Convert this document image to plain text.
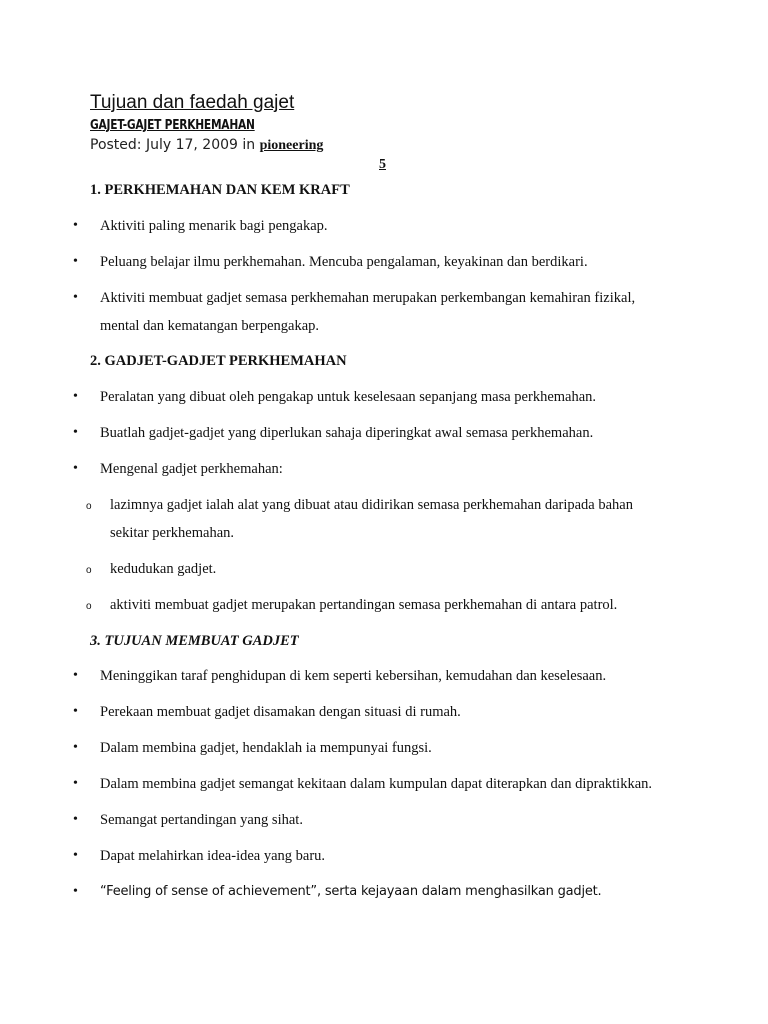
Tujuan dan faedah gajet
GAJET-GAJET PERKHEMAHAN
Posted: July 17, 2009 in pioneering
5
1. PERKHEMAHAN DAN KEM KRAFT
• Aktiviti paling menarik bagi pengakap.
• Peluang belajar ilmu perkhemahan. Mencuba pengalaman, keyakinan dan berdikari.
• Aktiviti membuat gadjet semasa perkhemahan merupakan perkembangan kemahiran fizikal, mental dan kematangan berpengakap.
2. GADJET-GADJET PERKHEMAHAN
• Peralatan yang dibuat oleh pengakap untuk keselesaan sepanjang masa perkhemahan.
• Buatlah gadjet-gadjet yang diperlukan sahaja diperingkat awal semasa perkhemahan.
• Mengenal gadjet perkhemahan:
o lazimnya gadjet ialah alat yang dibuat atau didirikan semasa perkhemahan daripada bahan sekitar perkhemahan.
o kedudukan gadjet.
o aktiviti membuat gadjet merupakan pertandingan semasa perkhemahan di antara patrol.
3. TUJUAN MEMBUAT GADJET
• Meninggikan taraf penghidupan di kem seperti kebersihan, kemudahan dan keselesaan.
• Perekaan membuat gadjet disamakan dengan situasi di rumah.
• Dalam membina gadjet, hendaklah ia mempunyai fungsi.
• Dalam membina gadjet semangat kekitaan dalam kumpulan dapat diterapkan dan dipraktikkan.
• Semangat pertandingan yang sihat.
• Dapat melahirkan idea-idea yang baru.
• “Feeling of sense of achievement”, serta kejayaan dalam menghasilkan gadjet.
